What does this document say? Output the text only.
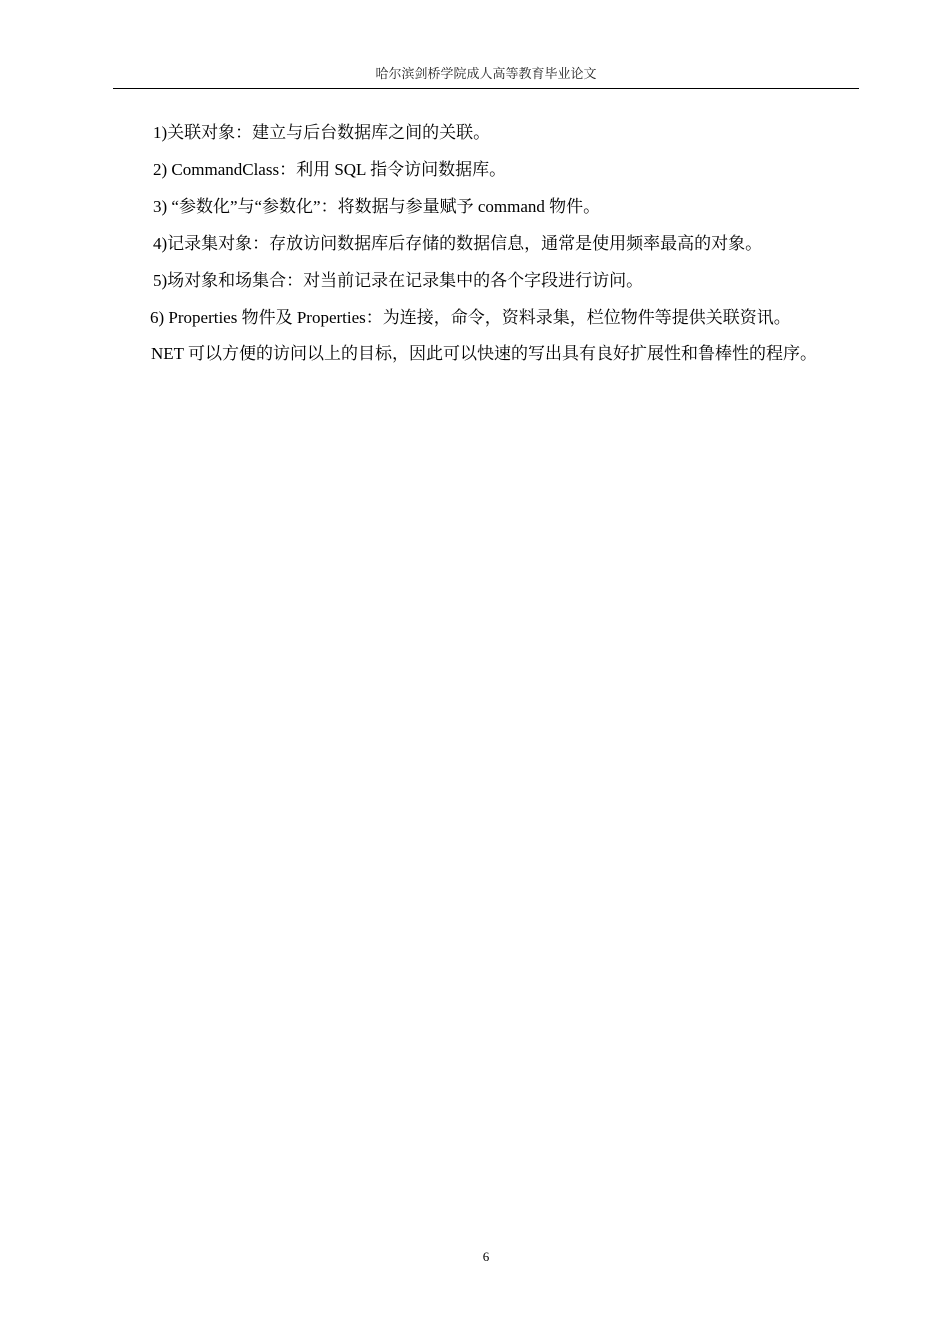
哈尔滨剑桥学院成人高等教育毕业论文

1)关联对象：建立与后台数据库之间的关联。

2) CommandClass：利用 SQL 指令访问数据库。

3) “参数化”与“参数化”：将数据与参量赋予 command 物件。

4)记录集对象：存放访问数据库后存储的数据信息，通常是使用频率最高的对象。

5)场对象和场集合：对当前记录在记录集中的各个字段进行访问。

6) Properties 物件及 Properties：为连接，命令，资料录集，栏位物件等提供关联资讯。

NET 可以方便的访问以上的目标，因此可以快速的写出具有良好扩展性和鲁棒性的程序。

6
